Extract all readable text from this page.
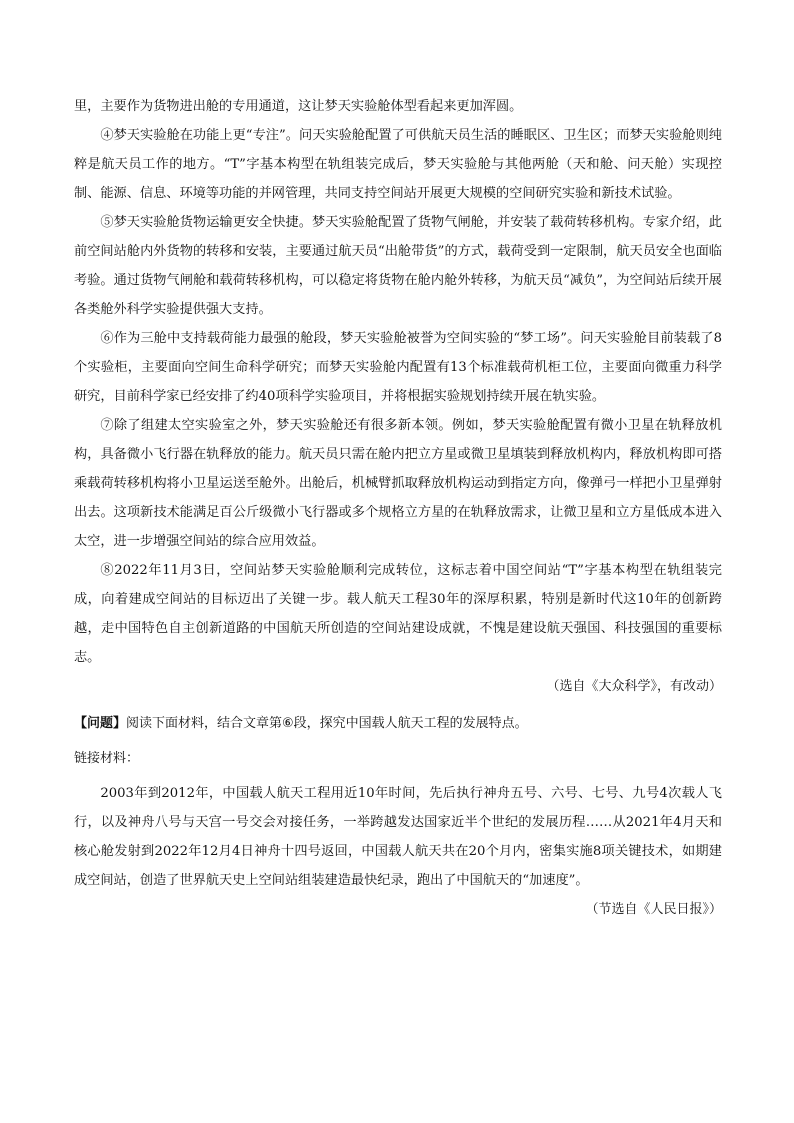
里，主要作为货物进出舱的专用通道，这让梦天实验舱体型看起来更加浑圆。

④梦天实验舱在功能上更“专注”。问天实验舱配置了可供航天员生活的睡眠区、卫生区；而梦天实验舱则纯粹是航天员工作的地方。“T”字基本构型在轨组装完成后，梦天实验舱与其他两舱（天和舱、问天舱）实现控制、能源、信息、环境等功能的并网管理，共同支持空间站开展更大规模的空间研究实验和新技术试验。

⑤梦天实验舱货物运输更安全快捷。梦天实验舱配置了货物气闸舱，并安装了载荷转移机构。专家介绍，此前空间站舱内外货物的转移和安装，主要通过航天员“出舱带货”的方式，载荷受到一定限制，航天员安全也面临考验。通过货物气闸舱和载荷转移机构，可以稳定将货物在舱内舱外转移，为航天员“减负”，为空间站后续开展各类舱外科学实验提供强大支持。

⑥作为三舱中支持载荷能力最强的舱段，梦天实验舱被誉为空间实验的“梦工场”。问天实验舱目前装载了8个实验柜，主要面向空间生命科学研究；而梦天实验舱内配置有13个标准载荷机柜工位，主要面向微重力科学研究，目前科学家已经安排了约40项科学实验项目，并将根据实验规划持续开展在轨实验。

⑦除了组建太空实验室之外，梦天实验舱还有很多新本领。例如，梦天实验舱配置有微小卫星在轨释放机构，具备微小飞行器在轨释放的能力。航天员只需在舱内把立方星或微卫星填装到释放机构内，释放机构即可搭乘载荷转移机构将小卫星运送至舱外。出舱后，机械臂抓取释放机构运动到指定方向，像弹弓一样把小卫星弹射出去。这项新技术能满足百公斤级微小飞行器或多个规格立方星的在轨释放需求，让微卫星和立方星低成本进入太空，进一步增强空间站的综合应用效益。

⑧2022年11月3日，空间站梦天实验舱顺利完成转位，这标志着中国空间站“T”字基本构型在轨组装完成，向着建成空间站的目标迈出了关键一步。载人航天工程30年的深厚积累，特别是新时代这10年的创新跨越，走中国特色自主创新道路的中国航天所创造的空间站建设成就，不愧是建设航天强国、科技强国的重要标志。

（选自《大众科学》，有改动）

【问题】阅读下面材料，结合文章第⑥段，探究中国载人航天工程的发展特点。

链接材料：

2003年到2012年，中国载人航天工程用近10年时间，先后执行神舟五号、六号、七号、九号4次载人飞行，以及神舟八号与天宫一号交会对接任务，一举跨越发达国家近半个世纪的发展历程……从2021年4月天和核心舱发射到2022年12月4日神舟十四号返回，中国载人航天共在20个月内，密集实施8项关键技术，如期建成空间站，创造了世界航天史上空间站组装建造最快纪录，跑出了中国航天的“加速度”。

（节选自《人民日报》）
